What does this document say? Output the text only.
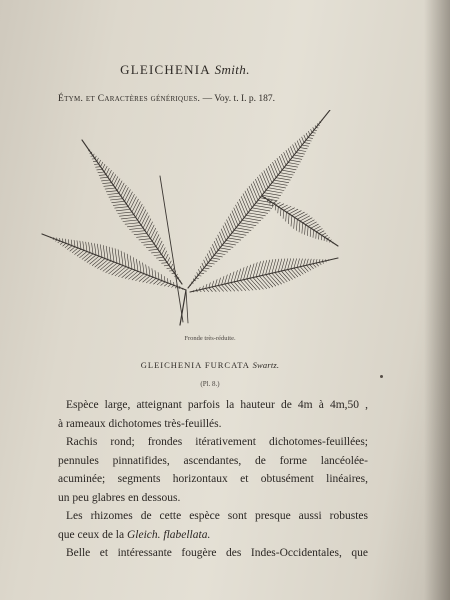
GLEICHENIA Smith.
Étym. et Caractères génériques. — Voy. t. I. p. 187.
Fronde très-réduite.
GLEICHENIA FURCATA Swartz.
(Pl. 8.)
Espèce large, atteignant parfois la hauteur de 4m à 4m,50 ,
à rameaux dichotomes très-feuillés.
Rachis rond; frondes itérativement dichotomes-feuillées;
pennules pinnatifides, ascendantes, de forme lancéolée-
acuminée; segments horizontaux et obtusément linéaires,
un peu glabres en dessous.
Les rhizomes de cette espèce sont presque aussi robustes
que ceux de la Gleich. flabellata.
Belle et intéressante fougère des Indes-Occidentales, que
